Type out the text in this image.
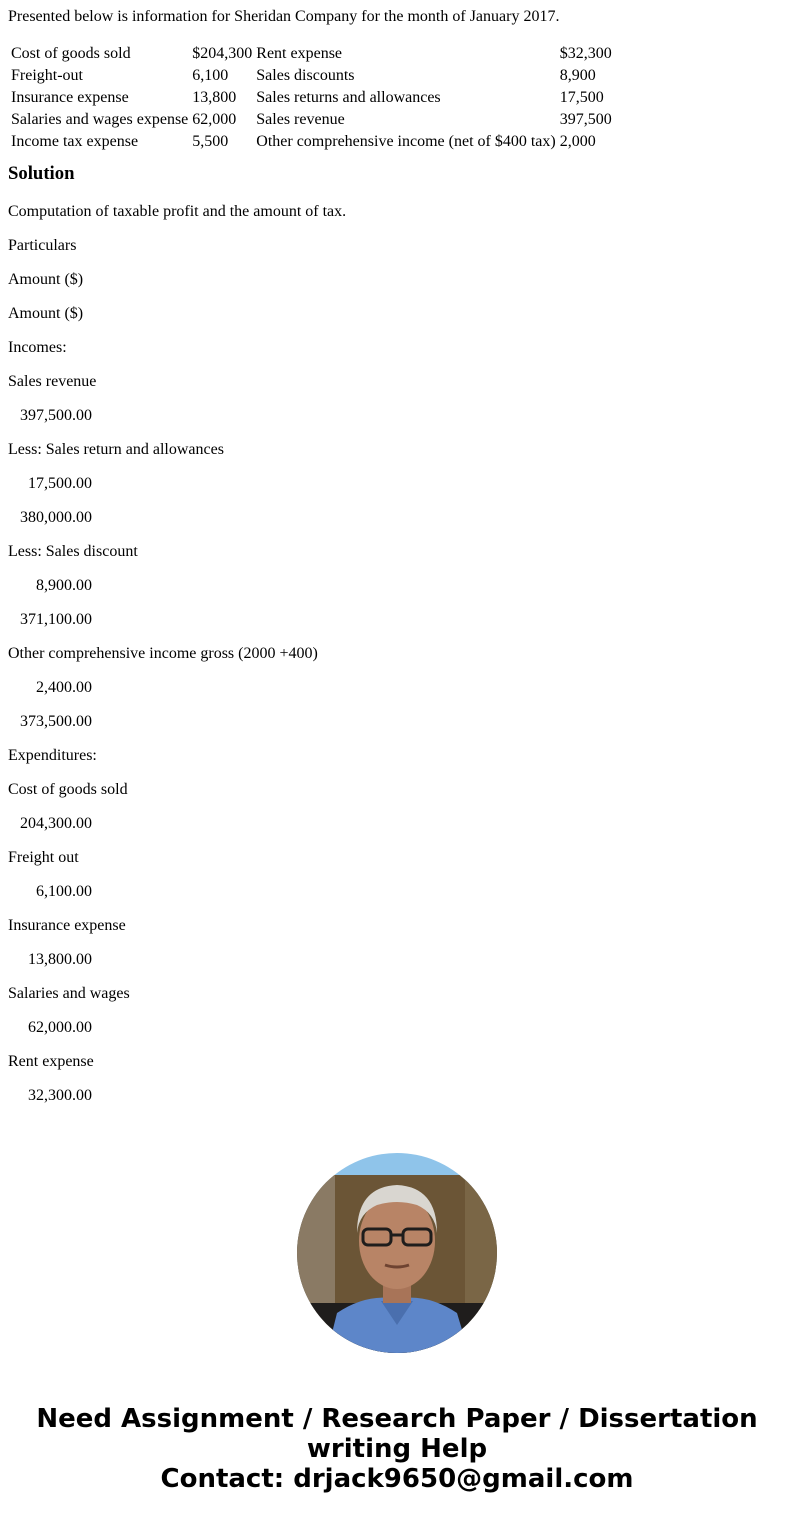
Presented below is information for Sheridan Company for the month of January 2017.

Cost of goods sold	$204,300	Rent expense	$32,300
Freight-out	6,100	Sales discounts	8,900
Insurance expense	13,800	Sales returns and allowances	17,500
Salaries and wages expense	62,000	Sales revenue	397,500
Income tax expense	5,500	Other comprehensive income (net of $400 tax)	2,000
Solution
Computation of taxable profit and the amount of tax.
Particulars
Amount ($)
Amount ($)
Incomes:
Sales revenue
397,500.00
Less: Sales return and allowances
17,500.00
380,000.00
Less: Sales discount
8,900.00
371,100.00
Other comprehensive income gross (2000 +400)
2,400.00
373,500.00
Expenditures:
Cost of goods sold
204,300.00
Freight out
6,100.00
Insurance expense
13,800.00
Salaries and wages
62,000.00
Rent expense
32,300.00
Need Assignment / Research Paper / Dissertation
writing Help
Contact: drjack9650@gmail.com
